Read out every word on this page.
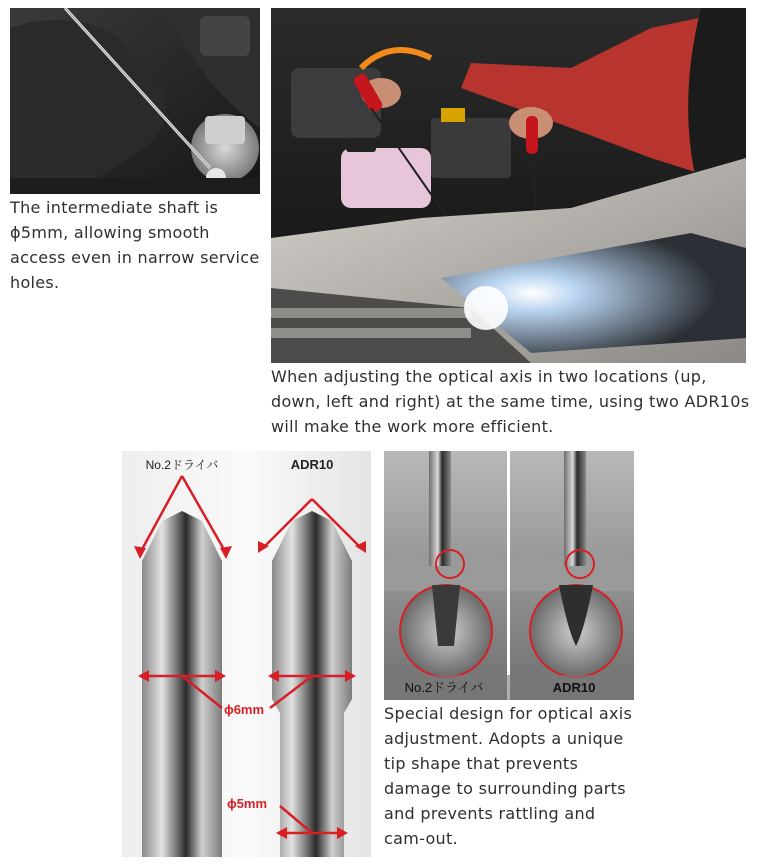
The intermediate shaft is ϕ5mm, allowing smooth access even in narrow service holes.
When adjusting the optical axis in two locations (up, down, left and right) at the same time, using two ADR10s will make the work more efficient.
No.2ドライバ	ADR10
ϕ6mm
ϕ5mm
No.2ドライバ	ADR10
Special design for optical axis adjustment. Adopts a unique tip shape that prevents damage to surrounding parts and prevents rattling and cam-out.
